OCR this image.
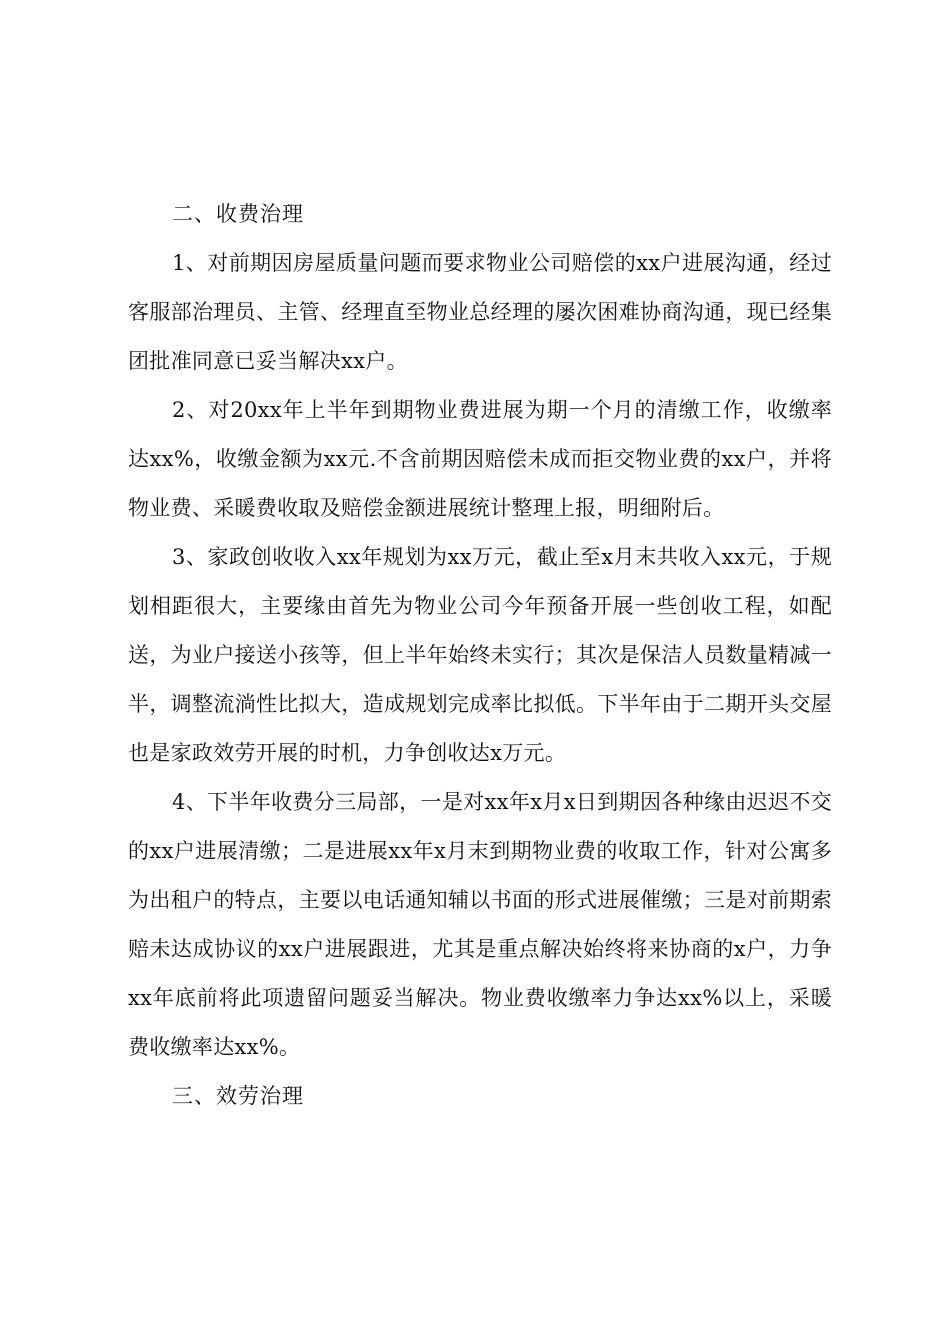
二、收费治理

1、对前期因房屋质量问题而要求物业公司赔偿的xx户进展沟通，经过客服部治理员、主管、经理直至物业总经理的屡次困难协商沟通，现已经集团批准同意已妥当解决xx户。

2、对20xx年上半年到期物业费进展为期一个月的清缴工作，收缴率达xx%，收缴金额为xx元.不含前期因赔偿未成而拒交物业费的xx户，并将物业费、采暖费收取及赔偿金额进展统计整理上报，明细附后。

3、家政创收收入xx年规划为xx万元，截止至x月末共收入xx元，于规划相距很大，主要缘由首先为物业公司今年预备开展一些创收工程，如配送，为业户接送小孩等，但上半年始终未实行；其次是保洁人员数量精减一半，调整流淌性比拟大，造成规划完成率比拟低。下半年由于二期开头交屋也是家政效劳开展的时机，力争创收达x万元。

4、下半年收费分三局部，一是对xx年x月x日到期因各种缘由迟迟不交的xx户进展清缴；二是进展xx年x月末到期物业费的收取工作，针对公寓多为出租户的特点，主要以电话通知辅以书面的形式进展催缴；三是对前期索赔未达成协议的xx户进展跟进，尤其是重点解决始终将来协商的x户，力争xx年底前将此项遗留问题妥当解决。物业费收缴率力争达xx%以上，采暖费收缴率达xx%。

三、效劳治理
